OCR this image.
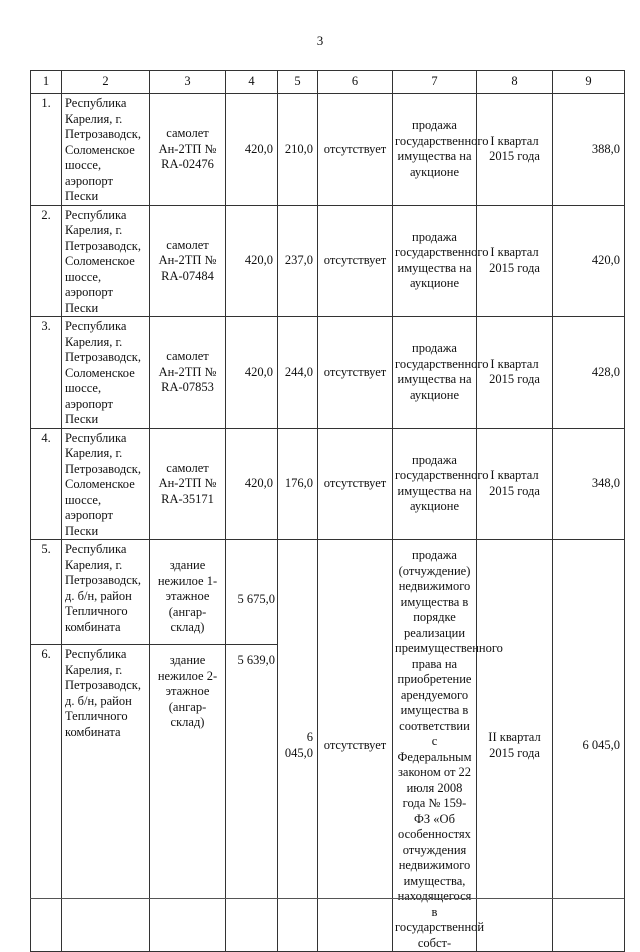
3
1	2	3	4	5	6	7	8	9
1.	Республика Карелия, г. Петрозаводск, Соломенское шоссе, аэропорт Пески	самолет Ан-2ТП № RA-02476	420,0	210,0	отсутствует	продажа государственного имущества на аукционе	I квартал 2015 года	388,0
2.	Республика Карелия, г. Петрозаводск, Соломенское шоссе, аэропорт Пески	самолет Ан-2ТП № RA-07484	420,0	237,0	отсутствует	продажа государственного имущества на аукционе	I квартал 2015 года	420,0
3.	Республика Карелия, г. Петрозаводск, Соломенское шоссе, аэропорт Пески	самолет Ан-2ТП № RA-07853	420,0	244,0	отсутствует	продажа государственного имущества на аукционе	I квартал 2015 года	428,0
4.	Республика Карелия, г. Петрозаводск, Соломенское шоссе, аэропорт Пески	самолет Ан-2ТП № RA-35171	420,0	176,0	отсутствует	продажа государственного имущества на аукционе	I квартал 2015 года	348,0
5.	Республика Карелия, г. Петрозаводск, д. б/н, район Тепличного комбината	здание нежилое 1-этажное (ангар-склад)	5 675,0	6 045,0	отсутствует	продажа (отчуждение) недвижимого имущества в порядке реализации преимущественного права на приобретение арендуемого имущества в соответствии с Федеральным законом от 22 июля 2008 года № 159-ФЗ «Об особенностях отчуждения недвижимого имущества, находящегося в государственной собст-	II квартал 2015 года	6 045,0
6.	Республика Карелия, г. Петрозаводск, д. б/н, район Тепличного комбината	здание нежилое 2-этажное (ангар-склад)	5 639,0					
